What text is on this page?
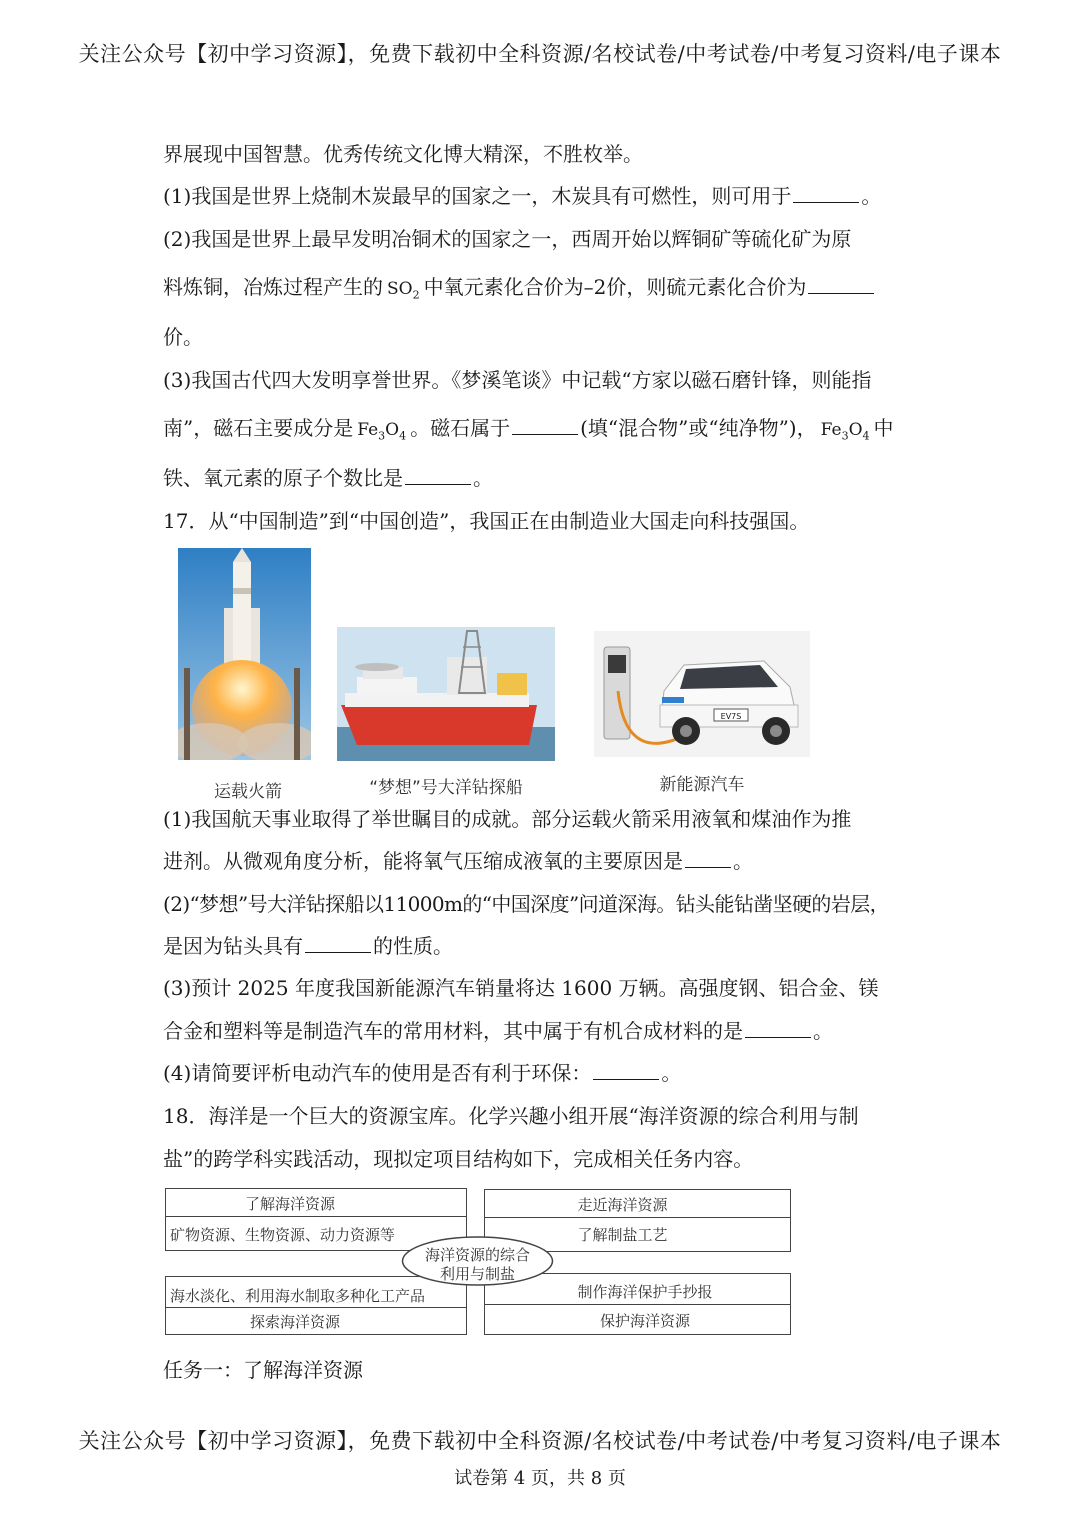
关注公众号【初中学习资源】，免费下载初中全科资源/名校试卷/中考试卷/中考复习资料/电子课本
界展现中国智慧。优秀传统文化博大精深，不胜枚举。
(1)我国是世界上烧制木炭最早的国家之一，木炭具有可燃性，则可用于	。
(2)我国是世界上最早发明冶铜术的国家之一，西周开始以辉铜矿等硫化矿为原
料炼铜，冶炼过程产生的 $SO_2$ 中氧元素化合价为–2价，则硫元素化合价为
价。
(3)我国古代四大发明享誉世界。《梦溪笔谈》中记载“方家以磁石磨针锋，则能指
南”，磁石主要成分是 $Fe_3O_4$ 。磁石属于	(填“混合物”或“纯净物”)， $Fe_3O_4$ 中
铁、氧元素的原子个数比是	。
17．从“中国制造”到“中国创造”，我国正在由制造业大国走向科技强国。
EV7S
运载火箭	“梦想”号大洋钻探船	新能源汽车
(1)我国航天事业取得了举世瞩目的成就。部分运载火箭采用液氧和煤油作为推
进剂。从微观角度分析，能将氧气压缩成液氧的主要原因是	。
(2)“梦想”号大洋钻探船以11000m的“中国深度”问道深海。钻头能钻凿坚硬的岩层，
是因为钻头具有	的性质。
(3)预计 2025 年度我国新能源汽车销量将达 1600 万辆。高强度钢、铝合金、镁
合金和塑料等是制造汽车的常用材料，其中属于有机合成材料的是	。
(4)请简要评析电动汽车的使用是否有利于环保：	。
18．海洋是一个巨大的资源宝库。化学兴趣小组开展“海洋资源的综合利用与制
盐”的跨学科实践活动，现拟定项目结构如下，完成相关任务内容。
了解海洋资源
矿物资源、生物资源、动力资源等
走近海洋资源
了解制盐工艺
海水淡化、利用海水制取多种化工产品
探索海洋资源
制作海洋保护手抄报
保护海洋资源
海洋资源的综合
利用与制盐
任务一：了解海洋资源
关注公众号【初中学习资源】，免费下载初中全科资源/名校试卷/中考试卷/中考复习资料/电子课本
试卷第 4 页，共 8 页
